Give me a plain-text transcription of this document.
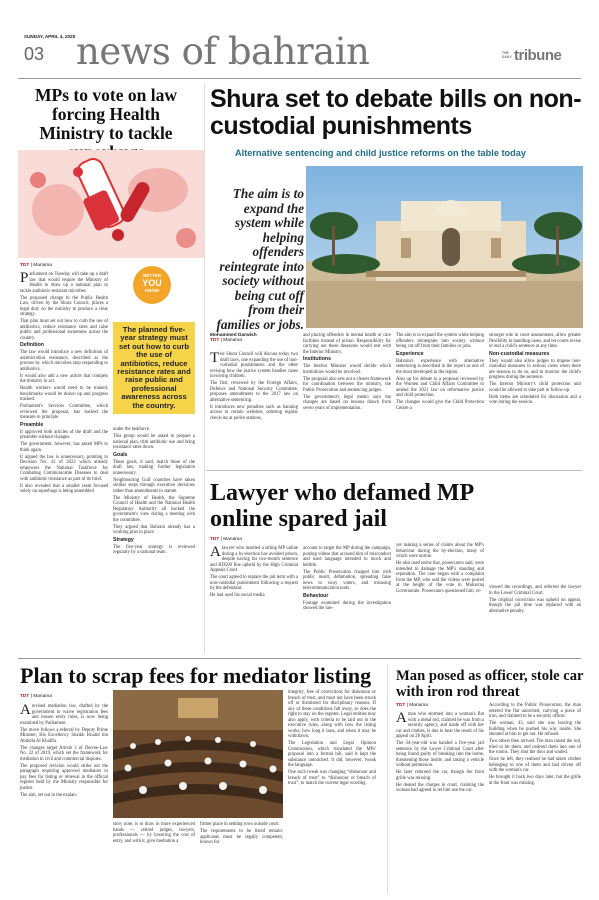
SUNDAY, APRIL 4, 2025
03 news of bahrain	THE DAILY tribune
MPs to vote on law forcing Health Ministry to tackle
TDT | Manama

Parliament on Tuesday will take up a draft law that would require the Ministry of Health to draw up a national plan to tackle antibiotic-resistant microbes.

The proposed change to the Public Health Law, driven by the Shura Council, places a legal duty on the ministry to produce a clear strategy.

That plan must set out how to curb the use of antibiotics, reduce resistance rates and raise public and professional awareness across the country.

Definition

The law would introduce a new definition of antimicrobial resistance, described as the process by which microbes stop responding to antibiotics.

It would also add a new article that compels the ministry to act.

Health workers would need to be trained, benchmarks would be drawn up and progress tracked.

Parliament's Services Committee, which reviewed the proposal, has backed the measure in principle.

Preamble

It approved both articles of the draft and the preamble without changes.

The government, however, has asked MPs to think again.

It argued the law is unnecessary, pointing to Decision No. 43 of 2022 which already empowers the National Taskforce for Combating Communicable Diseases to deal with antibiotic resistance as part of its brief.

It also revealed that a smaller team focused solely on superbugs is being assembled

BETTER
YOU
KNOW
The planned five-year strategy must set out how to curb the use of antibiotics, reduce resistance rates and raise public and professional awareness across the country.

under the taskforce.

This group would be asked to prepare a national plan, trim antibiotic use and bring resistance rates down.

Goals

These goals, it said, match those of the draft law, making further legislation unnecessary.

Neighbouring Gulf countries have taken similar steps through executive decisions rather than amendments to statute.

The Ministry of Health, the Supreme Council of Health and the National Health Regulatory Authority all backed the government's view during a meeting with the committee.

They argued that Bahrain already has a working plan in place.

Strategy

The five-year strategy is reviewed regularly by a national team.

Shura set to debate bills on non-custodial punishments
Alternative sentencing and child justice reforms on the table today
The aim is to expand the system while helping offenders reintegrate into society without being cut off from their families or jobs.
Mohammed Darwish
TDT | Manama

The Shura Council will discuss today two draft laws, one expanding the use of non-custodial punishments and the other revising how the justice system handles cases involving children.

The first, reviewed by the Foreign Affairs, Defence and National Security Committee, proposes amendments to the 2017 law on alternative sentencing.

It introduces new penalties such as banning access to certain websites, ordering regular check-ins at police stations,

and placing offenders in mental health or care facilities instead of prison. Responsibility for carrying out these measures would rest with the Interior Ministry.

Institutions

The Interior Minister would decide which institutions would be involved.

The proposal also sets out a clearer framework for coordination between the ministry, the Public Prosecution and sentencing judges.

The government's legal memo says the changes are based on lessons drawn from seven years of implementation.

The aim is to expand the system while helping offenders reintegrate into society without being cut off from their families or jobs.

Experience

Bahrain's experience with alternative sentencing is described in the report as one of the most developed in the region.

Also up for debate is a proposal reviewed by the Women and Child Affairs Committee to amend the 2021 law on reformative justice and child protection.

The changes would give the Child Protection Centre a

stronger role in court assessments, allow greater flexibility in handling cases, and let courts revise or end a child's sentence at any time.

Non-custodial measures

They would also allow judges to impose non-custodial measures in serious cases when there are reasons to do so, and to monitor the child's progress during the sentence.

The Interior Ministry's child protection unit would be allowed to take part in follow-up.

Both items are scheduled for discussion and a vote during the session.

Lawyer who defamed MP online spared jail
TDT | Manama

Alawyer who insulted a sitting MP online during a by-election has avoided prison, despite having his two-month sentence and BD500 fine upheld by the High Criminal Appeals Court.

The court agreed to replace the jail term with a non-custodial punishment following a request by the defendant.

He had used his social media

account to target the MP during the campaign, posting videos that accused him of misconduct and used language intended to mock and belittle.

The Public Prosecution charged him with public insult, defamation, spreading false news to sway voters, and misusing telecommunication tools.

Behaviour

Footage examined during the investigation showed the law-

yer making a series of claims about the MP's behaviour during the by-election, many of which were untrue.

He also used terms that, prosecutors said, were intended to damage the MP's standing and reputation. The case began with a complaint from the MP, who said the videos were posted at the height of the vote in Muharraq Governorate. Prosecutors questioned him, re-

viewed the recordings, and referred the lawyer to the Lower Criminal Court.

The original conviction was upheld on appeal, though the jail time was replaced with an alternative penalty.

Plan to scrap fees for mediator listing
TDT | Manama

Arevised mediation law, drafted by the government to waive registration fees and loosen entry rules, is now being examined by Parliament.

The move follows a referral by Deputy Prime Minister, His Excellency Shaikh Khalid bin Abdulla Al Khalifa.

The changes target Article 3 of Decree-Law No. 22 of 2019, which set the framework for mediation in civil and commercial disputes.

The proposed revision would strike out the paragraph requiring approved mediators to pay fees for listing or renewal in the official register held by the Ministry responsible for justice.

The aim, set out in the explan-

story note, is to draw in more experienced hands — retired judges, lawyers, professionals — by lowering the cost of entry, and with it, give mediation a

firmer place in settling rows outside court.

The requirements to be listed remain: applicants must be legally competent, known for

integrity, free of convictions for dishonour or breach of trust, and must not have been struck off or dismissed for disciplinary reasons. If any of these conditions fall away, so does the right to stay on the register. Legal entities may also apply, with criteria to be laid out in the executive rules, along with how the listing works, how long it lasts, and when it may be withdrawn.

The Legislation and Legal Opinion Commission, which translated the MPs' proposal into a formal bill, said it kept the substance untouched. It did, however, tweak the language.

One such tweak was changing “dishonour and breach of trust” to “dishonour or breach of trust”, to match the current legal wording.

Man posed as officer, stole car with iron rod threat
TDT | Manama

Aman who stormed into a woman's flat with a metal rod, claimed he was from a security agency, and made off with her car and clothes, is due to hear the result of his appeal on 28 April.

The 34-year-old was handed a five-year jail sentence by the Lower Criminal Court after being found guilty of breaking into the home, threatening those inside, and taking a vehicle without permission.

He later returned the car, though the front grille was missing.

He denied the charges in court, claiming the woman had agreed to let him use the car.

According to the Public Prosecution, the man entered the flat uninvited, carrying a piece of iron, and claimed to be a security officer.

The woman, 43, said she was leaving the building when he pushed his way inside. She shouted at him to get out. He refused.

Two others then arrived. The man raised the rod, tried to hit them, and ordered them into one of the rooms. They shut the door and waited.

Once he left, they realised he had taken clothes belonging to one of them and had driven off with the woman's car.

He brought it back two days later, but the grille at the front was missing.
